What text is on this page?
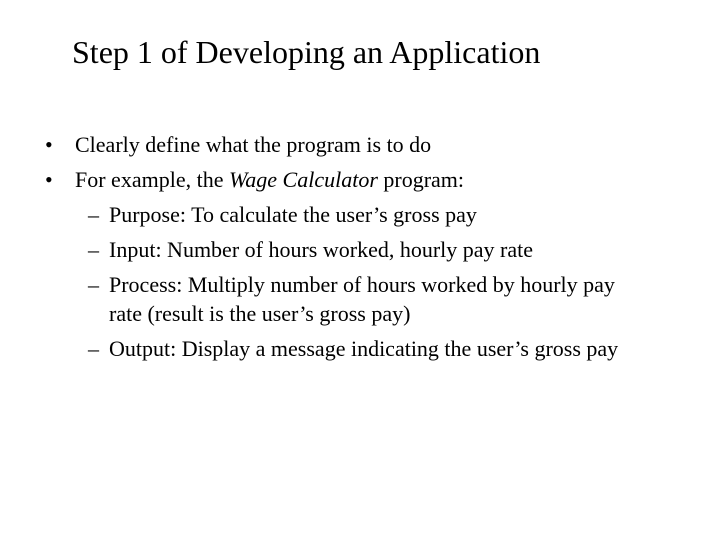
Step 1 of Developing an Application
• Clearly define what the program is to do
• For example, the Wage Calculator program:
– Purpose: To calculate the user’s gross pay
– Input: Number of hours worked, hourly pay rate
– Process: Multiply number of hours worked by hourly pay
rate (result is the user’s gross pay)
– Output: Display a message indicating the user’s gross pay
